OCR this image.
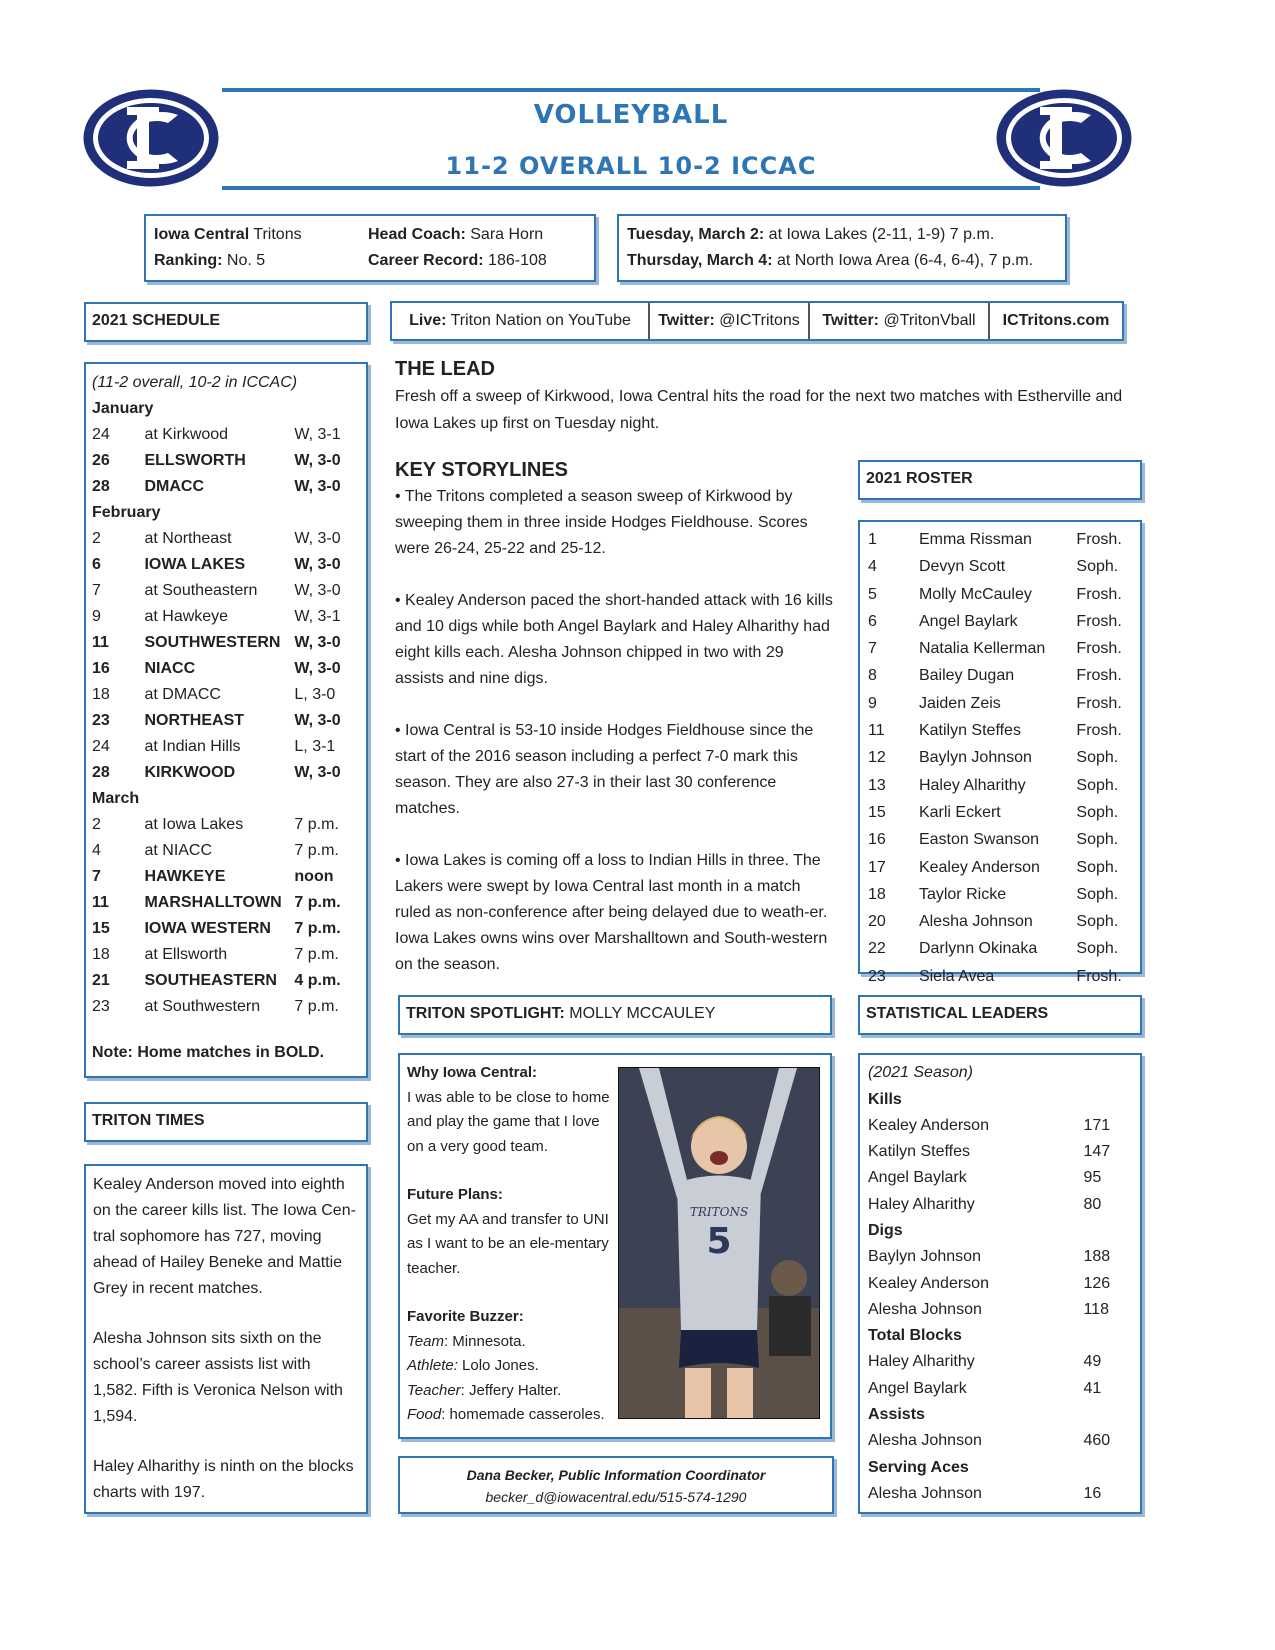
VOLLEYBALL
11-2 OVERALL 10-2 ICCAC
Iowa Central Tritons	Head Coach: Sara Horn
Ranking: No. 5	Career Record: 186-108
Tuesday, March 2: at Iowa Lakes (2-11, 1-9) 7 p.m.
Thursday, March 4: at North Iowa Area (6-4, 6-4), 7 p.m.
2021 SCHEDULE	Live: Triton Nation on YouTube	Twitter: @ICTritons	Twitter: @TritonVball	ICTritons.com
(11-2 overall, 10-2 in ICCAC)
January
24	at Kirkwood	W, 3-1
26	ELLSWORTH	W, 3-0
28	DMACC	W, 3-0
February
2	at Northeast	W, 3-0
6	IOWA LAKES	W, 3-0
7	at Southeastern	W, 3-0
9	at Hawkeye	W, 3-1
11	SOUTHWESTERN W, 3-0
16	NIACC	W, 3-0
18	at DMACC	L, 3-0
23	NORTHEAST	W, 3-0
24	at Indian Hills	L, 3-1
28	KIRKWOOD	W, 3-0
March
2	at Iowa Lakes	7 p.m.
4	at NIACC	7 p.m.
7	HAWKEYE	noon
11	MARSHALLTOWN 7 p.m.
15	IOWA WESTERN	7 p.m.
18	at Ellsworth	7 p.m.
21	SOUTHEASTERN	4 p.m.
23	at Southwestern	7 p.m.
Note: Home matches in BOLD.
TRITON TIMES

Kealey Anderson moved into eighth on the career kills list. The Iowa Cen-tral sophomore has 727, moving ahead of Hailey Beneke and Mattie Grey in recent matches.

Alesha Johnson sits sixth on the school’s career assists list with 1,582. Fifth is Veronica Nelson with 1,594.

Haley Alharithy is ninth on the blocks charts with 197.

THE LEAD

Fresh off a sweep of Kirkwood, Iowa Central hits the road for the next two matches with Estherville and Iowa Lakes up first on Tuesday night.

KEY STORYLINES

• The Tritons completed a season sweep of Kirkwood by sweeping them in three inside Hodges Fieldhouse. Scores were 26-24, 25-22 and 25-12.

• Kealey Anderson paced the short-handed attack with 16 kills and 10 digs while both Angel Baylark and Haley Alharithy had eight kills each. Alesha Johnson chipped in two with 29 assists and nine digs.

• Iowa Central is 53-10 inside Hodges Fieldhouse since the start of the 2016 season including a perfect 7-0 mark this season. They are also 27-3 in their last 30 conference matches.

• Iowa Lakes is coming off a loss to Indian Hills in three. The Lakers were swept by Iowa Central last month in a match ruled as non-conference after being delayed due to weath-er. Iowa Lakes owns wins over Marshalltown and South-western on the season.

2021 ROSTER
1	Emma Rissman	Frosh.
4	Devyn Scott	Soph.
5	Molly McCauley	Frosh.
6	Angel Baylark	Frosh.
7	Natalia Kellerman	Frosh.
8	Bailey Dugan	Frosh.
9	Jaiden Zeis	Frosh.
11	Katilyn Steffes	Frosh.
12	Baylyn Johnson	Soph.
13	Haley Alharithy	Soph.
15	Karli Eckert	Soph.
16	Easton Swanson	Soph.
17	Kealey Anderson	Soph.
18	Taylor Ricke	Soph.
20	Alesha Johnson	Soph.
22	Darlynn Okinaka	Soph.
23	Siela Avea	Frosh.
TRITON SPOTLIGHT: MOLLY MCCAULEY
Why Iowa Central:
I was able to be close to home and play the game that I love on a very good team.
Future Plans:
Get my AA and transfer to UNI as I want to be an ele-mentary teacher.
Favorite Buzzer:
Team: Minnesota.
Athlete: Lolo Jones.
Teacher: Jeffery Halter.
Food: homemade casseroles.
TRITONS
5
STATISTICAL LEADERS
(2021 Season)
Kills
Kealey Anderson	171
Katilyn Steffes	147
Angel Baylark	95
Haley Alharithy	80
Digs
Baylyn Johnson	188
Kealey Anderson	126
Alesha Johnson	118
Total Blocks
Haley Alharithy	49
Angel Baylark	41
Assists
Alesha Johnson	460
Serving Aces
Alesha Johnson	16
Dana Becker, Public Information Coordinator
becker_d@iowacentral.edu/515-574-1290
